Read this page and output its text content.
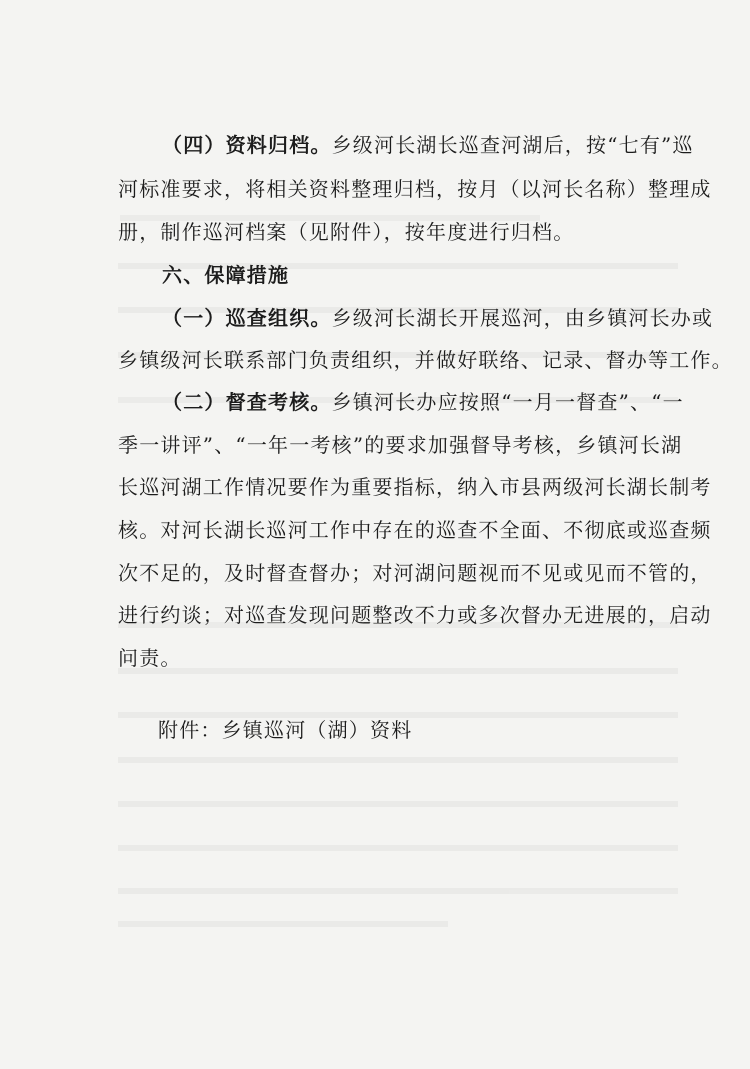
（四）资料归档。乡级河长湖长巡查河湖后，按“七有”巡
河标准要求，将相关资料整理归档，按月（以河长名称）整理成
册，制作巡河档案（见附件），按年度进行归档。
六、保障措施
（一）巡查组织。乡级河长湖长开展巡河，由乡镇河长办或
乡镇级河长联系部门负责组织，并做好联络、记录、督办等工作。
（二）督查考核。乡镇河长办应按照“一月一督查”、“一
季一讲评”、“一年一考核”的要求加强督导考核，乡镇河长湖
长巡河湖工作情况要作为重要指标，纳入市县两级河长湖长制考
核。对河长湖长巡河工作中存在的巡查不全面、不彻底或巡查频
次不足的，及时督查督办；对河湖问题视而不见或见而不管的，
进行约谈；对巡查发现问题整改不力或多次督办无进展的，启动
问责。
附件：乡镇巡河（湖）资料
